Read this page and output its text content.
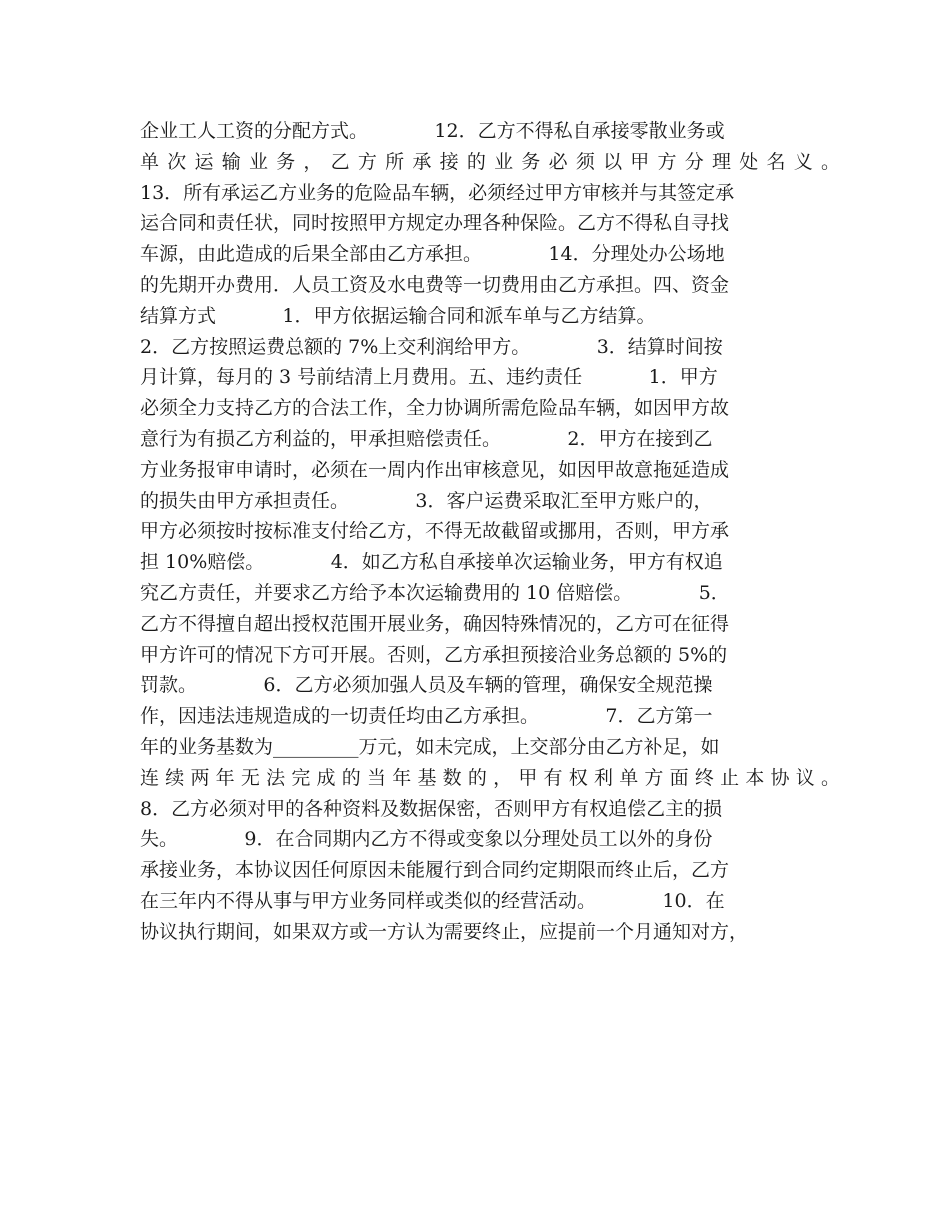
企业工人工资的分配方式。           12．乙方不得私自承接零散业务或
单次运输业务，乙方所承接的业务必须以甲方分理处名义。
13．所有承运乙方业务的危险品车辆，必须经过甲方审核并与其签定承
运合同和责任状，同时按照甲方规定办理各种保险。乙方不得私自寻找
车源，由此造成的后果全部由乙方承担。           14．分理处办公场地
的先期开办费用．人员工资及水电费等一切费用由乙方承担。四、资金
结算方式           1．甲方依据运输合同和派车单与乙方结算。
2．乙方按照运费总额的 7%上交利润给甲方。           3．结算时间按
月计算，每月的 3 号前结清上月费用。五、违约责任           1．甲方
必须全力支持乙方的合法工作，全力协调所需危险品车辆，如因甲方故
意行为有损乙方利益的，甲承担赔偿责任。           2．甲方在接到乙
方业务报审申请时，必须在一周内作出审核意见，如因甲故意拖延造成
的损失由甲方承担责任。           3．客户运费采取汇至甲方账户的，
甲方必须按时按标准支付给乙方，不得无故截留或挪用，否则，甲方承
担 10%赔偿。           4．如乙方私自承接单次运输业务，甲方有权追
究乙方责任，并要求乙方给予本次运输费用的 10 倍赔偿。           5．
乙方不得擅自超出授权范围开展业务，确因特殊情况的，乙方可在征得
甲方许可的情况下方可开展。否则，乙方承担预接洽业务总额的 5%的
罚款。           6．乙方必须加强人员及车辆的管理，确保安全规范操
作，因违法违规造成的一切责任均由乙方承担。           7．乙方第一
年的业务基数为_________万元，如未完成，上交部分由乙方补足，如
连续两年无法完成的当年基数的，甲有权利单方面终止本协议。
8．乙方必须对甲的各种资料及数据保密，否则甲方有权追偿乙主的损
失。           9．在合同期内乙方不得或变象以分理处员工以外的身份
承接业务，本协议因任何原因未能履行到合同约定期限而终止后，乙方
在三年内不得从事与甲方业务同样或类似的经营活动。           10．在
协议执行期间，如果双方或一方认为需要终止，应提前一个月通知对方，
